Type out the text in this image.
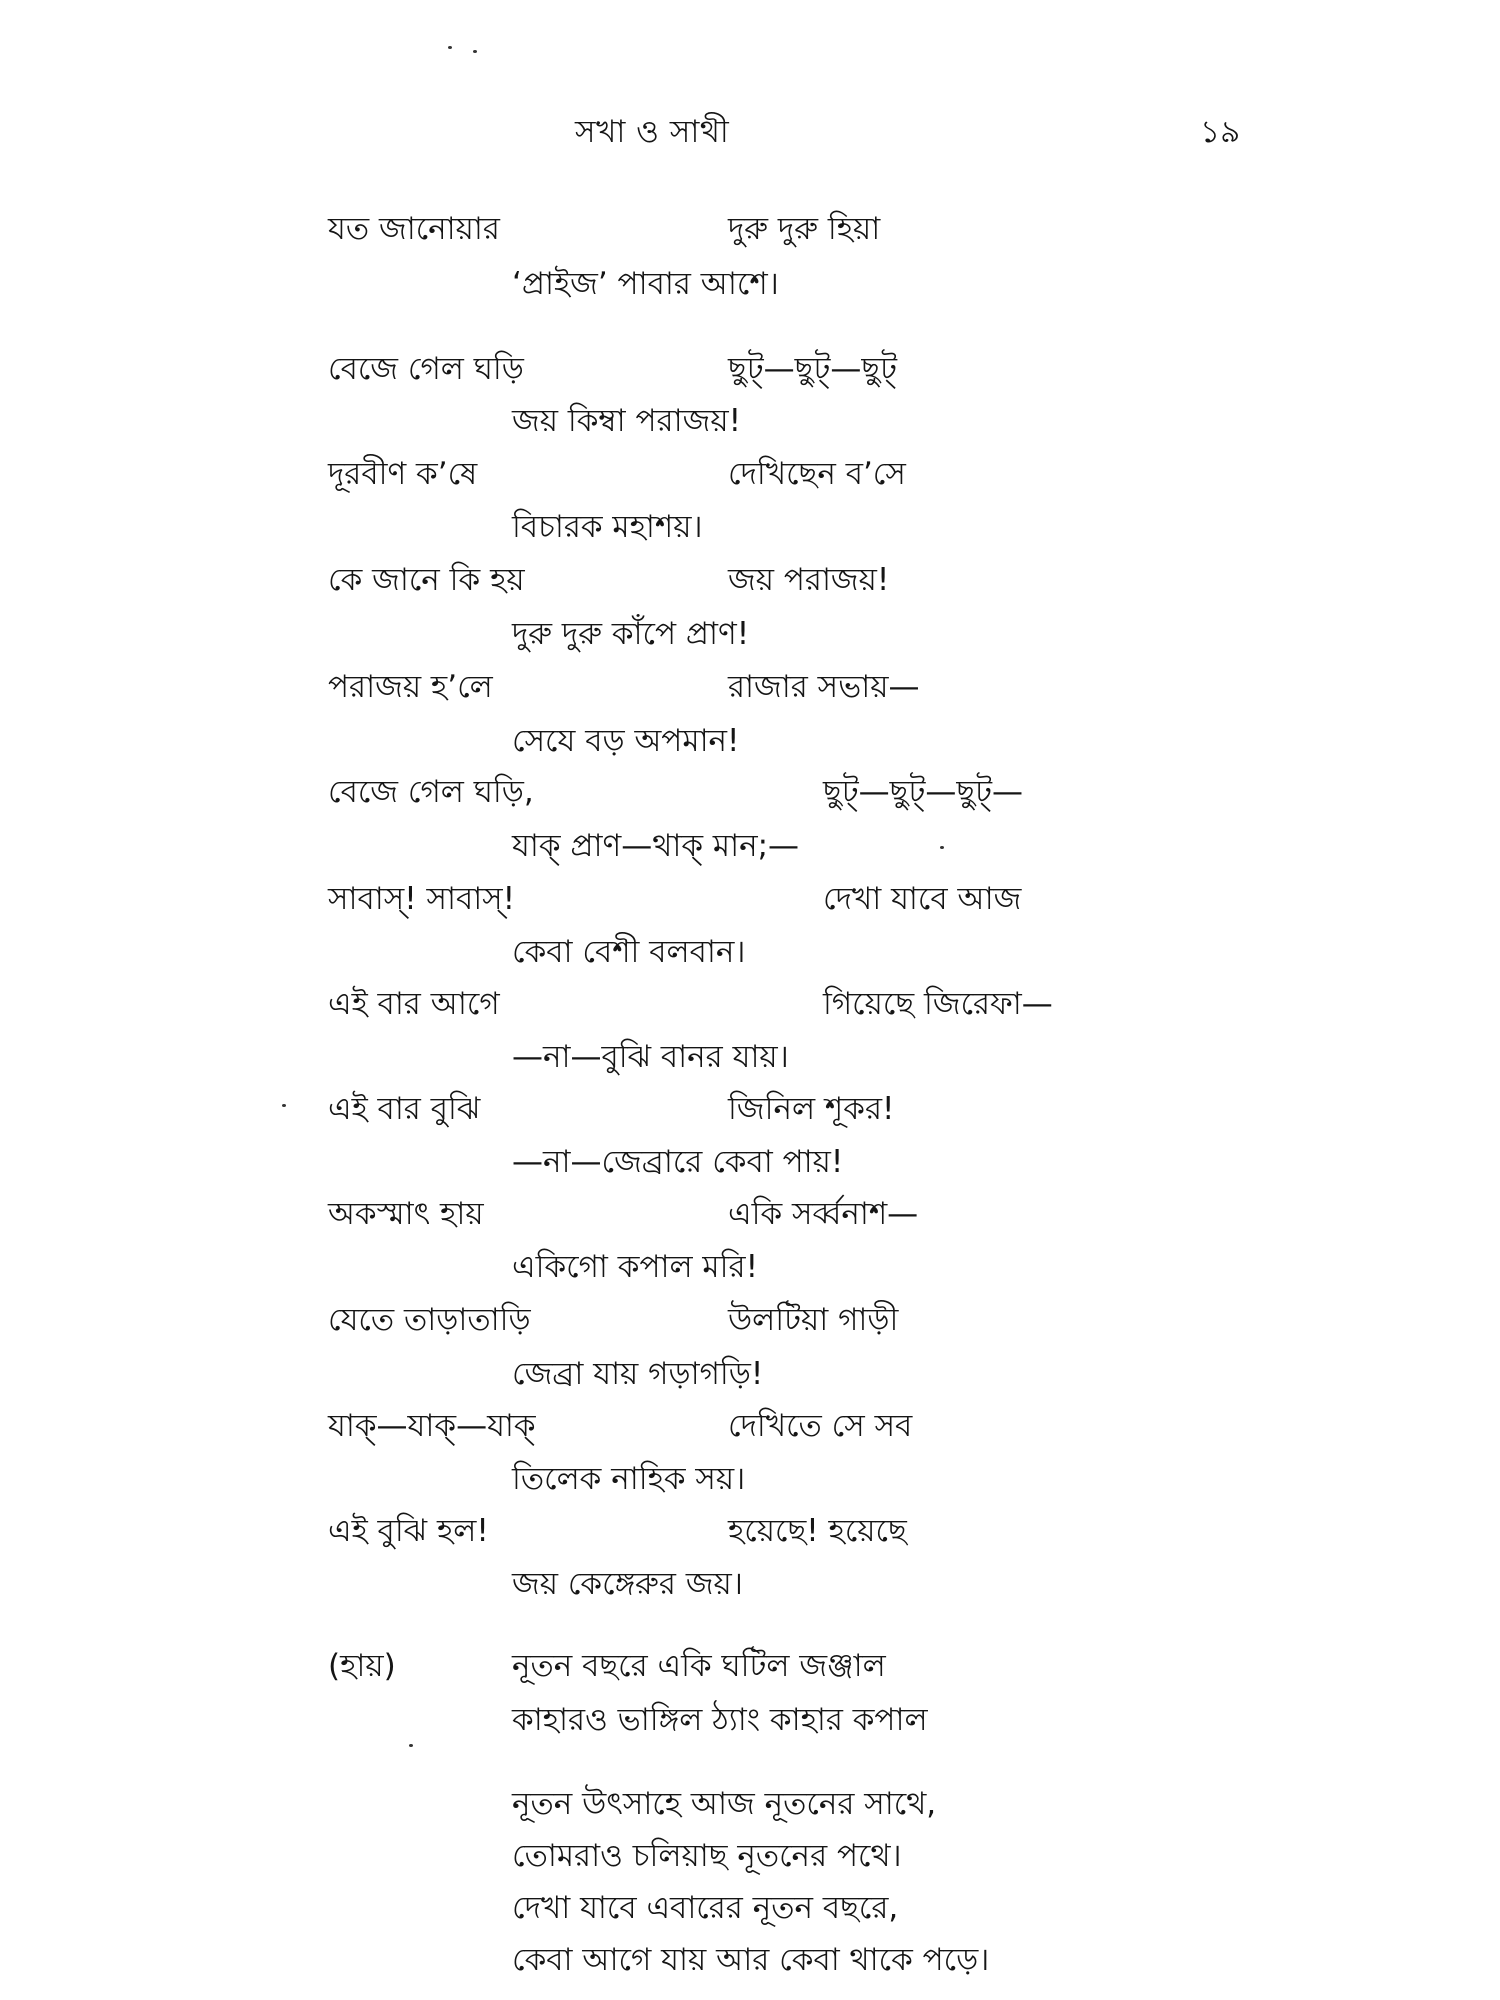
সখা ও সাথী	১৯
যত জানোয়ার	দুরু দুরু হিয়া
‘প্রাইজ’ পাবার আশে।
বেজে গেল ঘড়ি	ছুট্—ছুট্—ছুট্
জয় কিম্বা পরাজয়!
দূরবীণ ক’ষে	দেখিছেন ব’সে
বিচারক মহাশয়।
কে জানে কি হয়	জয় পরাজয়!
দুরু দুরু কাঁপে প্রাণ!
পরাজয় হ’লে	রাজার সভায়—
সেযে বড় অপমান!
বেজে গেল ঘড়ি,	ছুট্—ছুট্—ছুট্—
যাক্ প্রাণ—থাক্ মান;—
সাবাস্! সাবাস্!	দেখা যাবে আজ
কেবা বেশী বলবান।
এই বার আগে	গিয়েছে জিরেফা—
—না—বুঝি বানর যায়।
এই বার বুঝি	জিনিল শূকর!
—না—জেব্রারে কেবা পায়!
অকস্মাৎ হায়	একি সর্ব্বনাশ—
একিগো কপাল মরি!
যেতে তাড়াতাড়ি	উলটিয়া গাড়ী
জেব্রা যায় গড়াগড়ি!
যাক্—যাক্—যাক্	দেখিতে সে সব
তিলেক নাহিক সয়।
এই বুঝি হল!	হয়েছে! হয়েছে
জয় কেঙ্গেরুর জয়।
(হায়)	নূতন বছরে একি ঘটিল জঞ্জাল
কাহারও ভাঙ্গিল ঠ্যাং কাহার কপাল
নূতন উৎসাহে আজ নূতনের সাথে,
তোমরাও চলিয়াছ নূতনের পথে।
দেখা যাবে এবারের নূতন বছরে,
কেবা আগে যায় আর কেবা থাকে পড়ে।
